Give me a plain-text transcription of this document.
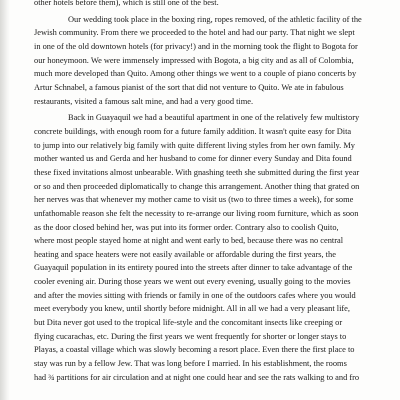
other hotels before them), which is still one of the best.

Our wedding took place in the boxing ring, ropes removed, of the athletic facility of the
Jewish community. From there we proceeded to the hotel and had our party. That night we slept
in one of the old downtown hotels (for privacy!) and in the morning took the flight to Bogota for
our honeymoon. We were immensely impressed with Bogota, a big city and as all of Colombia,
much more developed than Quito. Among other things we went to a couple of piano concerts by
Artur Schnabel, a famous pianist of the sort that did not venture to Quito. We ate in fabulous
restaurants, visited a famous salt mine, and had a very good time.

Back in Guayaquil we had a beautiful apartment in one of the relatively few multistory
concrete buildings, with enough room for a future family addition. It wasn't quite easy for Dita
to jump into our relatively big family with quite different living styles from her own family. My
mother wanted us and Gerda and her husband to come for dinner every Sunday and Dita found
these fixed invitations almost unbearable. With gnashing teeth she submitted during the first year
or so and then proceeded diplomatically to change this arrangement. Another thing that grated on
her nerves was that whenever my mother came to visit us (two to three times a week), for some
unfathomable reason she felt the necessity to re-arrange our living room furniture, which as soon
as the door closed behind her, was put into its former order. Contrary also to coolish Quito,
where most people stayed home at night and went early to bed, because there was no central
heating and space heaters were not easily available or affordable during the first years, the
Guayaquil population in its entirety poured into the streets after dinner to take advantage of the
cooler evening air. During those years we went out every evening, usually going to the movies
and after the movies sitting with friends or family in one of the outdoors cafes where you would
meet everybody you knew, until shortly before midnight. All in all we had a very pleasant life,
but Dita never got used to the tropical life-style and the concomitant insects like creeping or
flying cucarachas, etc. During the first years we went frequently for shorter or longer stays to
Playas, a coastal village which was slowly becoming a resort place. Even there the first place to
stay was run by a fellow Jew. That was long before I married. In his establishment, the rooms
had ¾ partitions for air circulation and at night one could hear and see the rats walking to and fro
